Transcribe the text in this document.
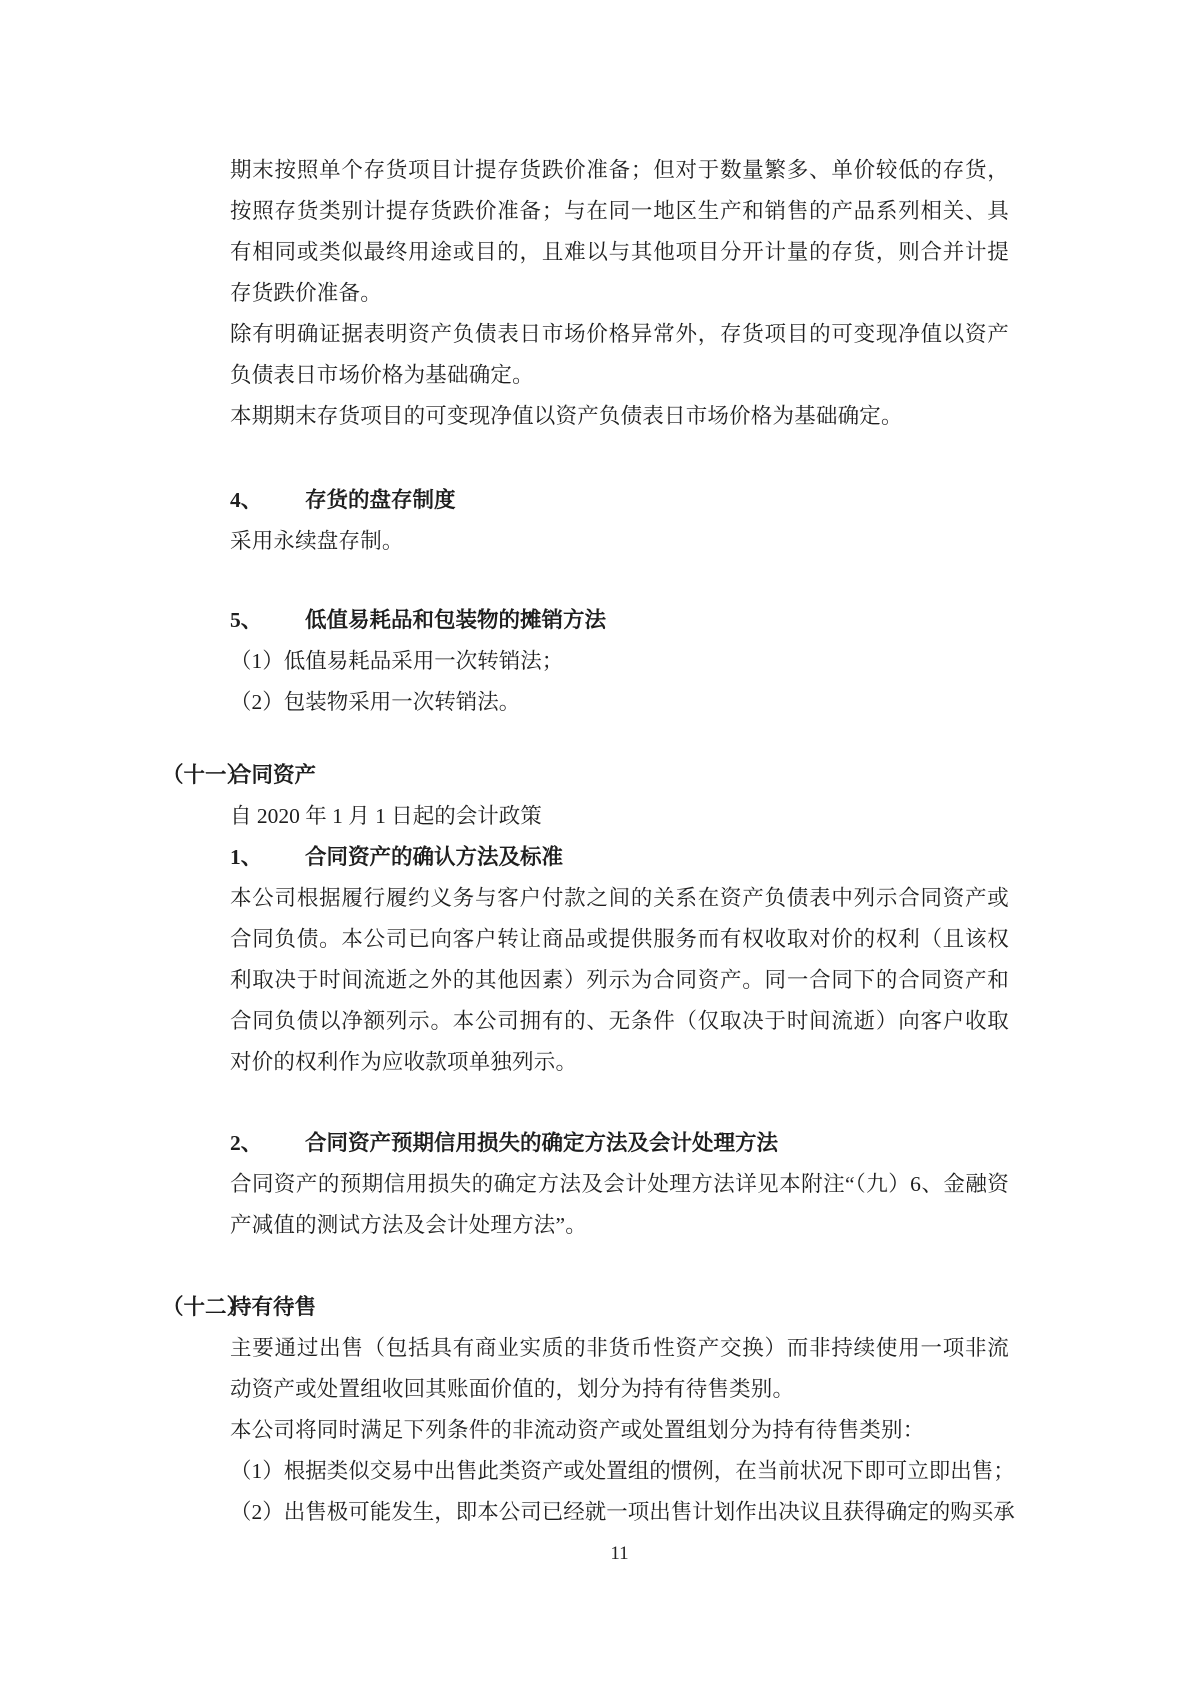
期末按照单个存货项目计提存货跌价准备；但对于数量繁多、单价较低的存货，按照存货类别计提存货跌价准备；与在同一地区生产和销售的产品系列相关、具有相同或类似最终用途或目的，且难以与其他项目分开计量的存货，则合并计提存货跌价准备。

除有明确证据表明资产负债表日市场价格异常外，存货项目的可变现净值以资产负债表日市场价格为基础确定。

本期期末存货项目的可变现净值以资产负债表日市场价格为基础确定。

4、 存货的盘存制度

采用永续盘存制。

5、 低值易耗品和包装物的摊销方法

（1）低值易耗品采用一次转销法；

（2）包装物采用一次转销法。

（十一）
合同资产

自 2020 年 1 月 1 日起的会计政策

1、 合同资产的确认方法及标准

本公司根据履行履约义务与客户付款之间的关系在资产负债表中列示合同资产或合同负债。本公司已向客户转让商品或提供服务而有权收取对价的权利（且该权利取决于时间流逝之外的其他因素）列示为合同资产。同一合同下的合同资产和合同负债以净额列示。本公司拥有的、无条件（仅取决于时间流逝）向客户收取对价的权利作为应收款项单独列示。

2、 合同资产预期信用损失的确定方法及会计处理方法

合同资产的预期信用损失的确定方法及会计处理方法详见本附注“（九）6、金融资产减值的测试方法及会计处理方法”。

（十二）
持有待售

主要通过出售（包括具有商业实质的非货币性资产交换）而非持续使用一项非流动资产或处置组收回其账面价值的，划分为持有待售类别。

本公司将同时满足下列条件的非流动资产或处置组划分为持有待售类别：

（1）根据类似交易中出售此类资产或处置组的惯例，在当前状况下即可立即出售；

（2）出售极可能发生，即本公司已经就一项出售计划作出决议且获得确定的购买承

11
